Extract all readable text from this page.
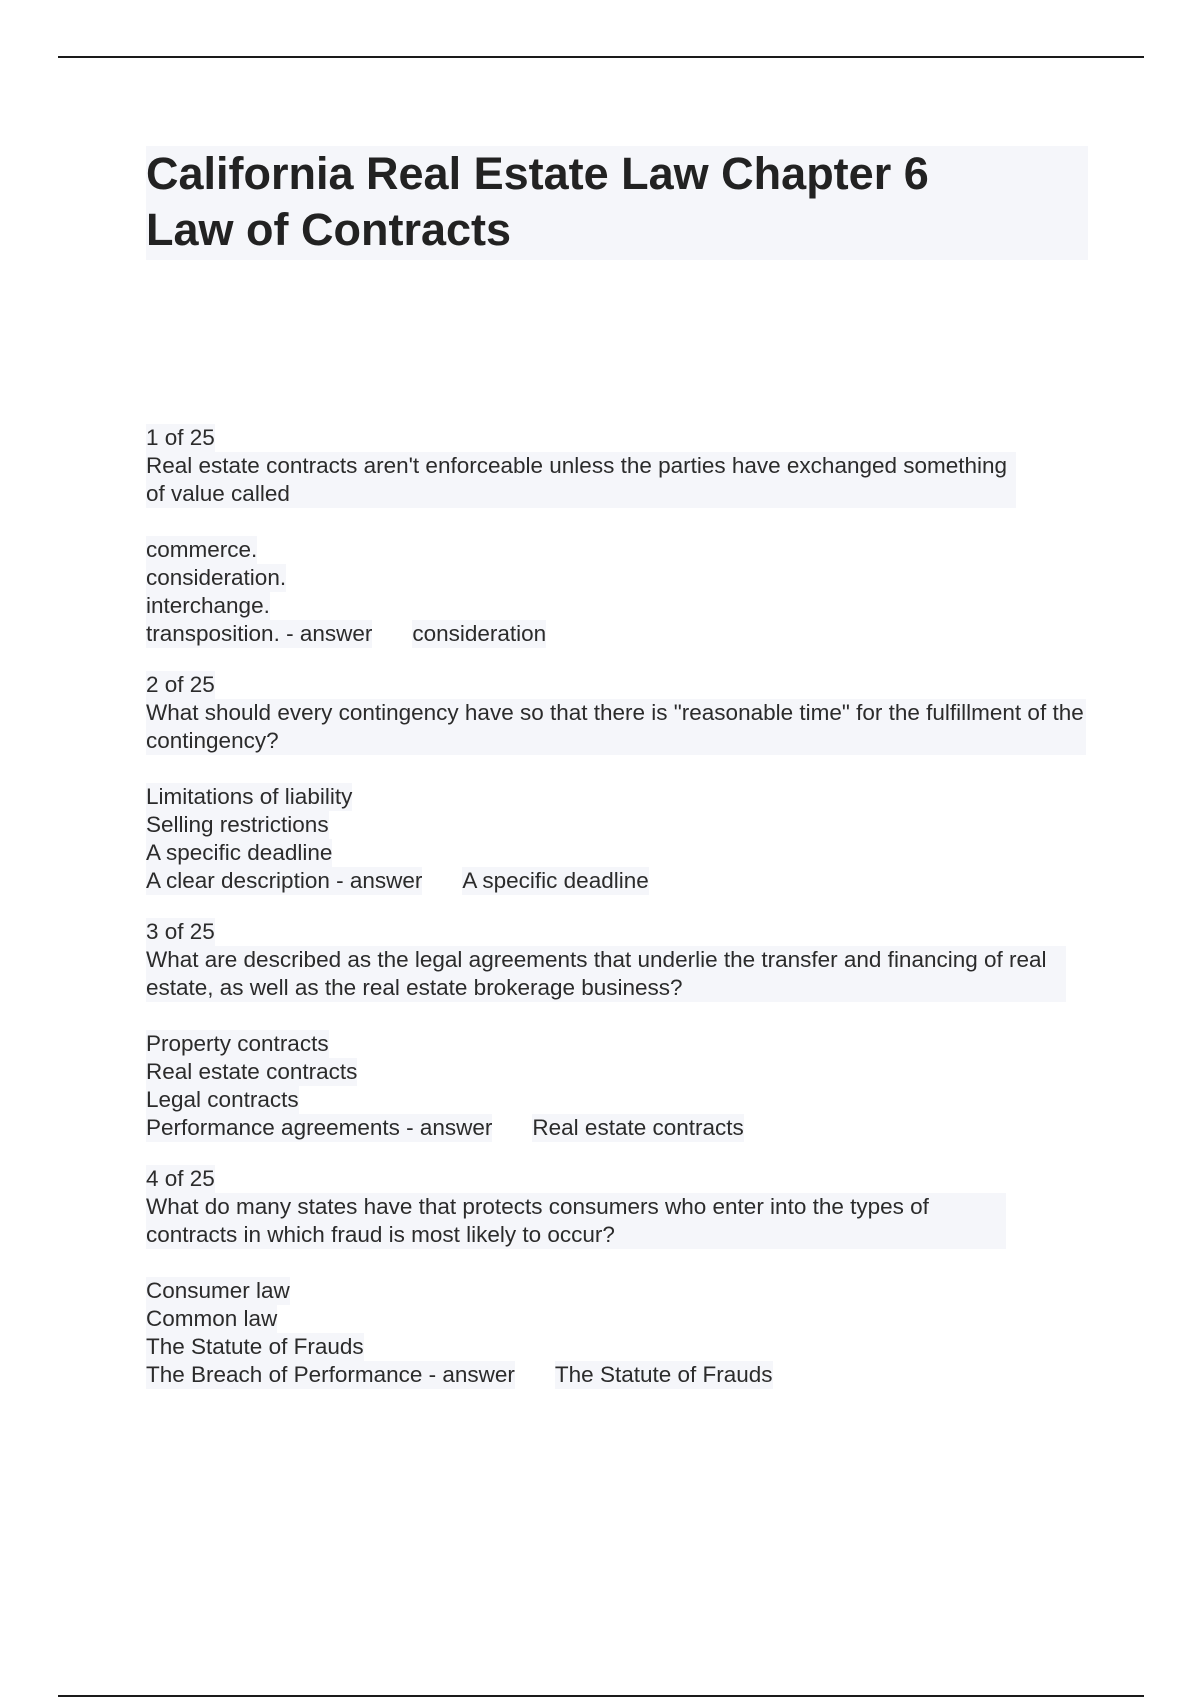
California Real Estate Law Chapter 6
Law of Contracts
1 of 25
Real estate contracts aren't enforceable unless the parties have exchanged something of value called
commerce.
consideration.
interchange.
transposition. - answer consideration
2 of 25
What should every contingency have so that there is "reasonable time" for the fulfillment of the contingency?
Limitations of liability
Selling restrictions
A specific deadline
A clear description - answer A specific deadline
3 of 25
What are described as the legal agreements that underlie the transfer and financing of real estate, as well as the real estate brokerage business?
Property contracts
Real estate contracts
Legal contracts
Performance agreements - answer Real estate contracts
4 of 25
What do many states have that protects consumers who enter into the types of contracts in which fraud is most likely to occur?
Consumer law
Common law
The Statute of Frauds
The Breach of Performance - answer The Statute of Frauds
